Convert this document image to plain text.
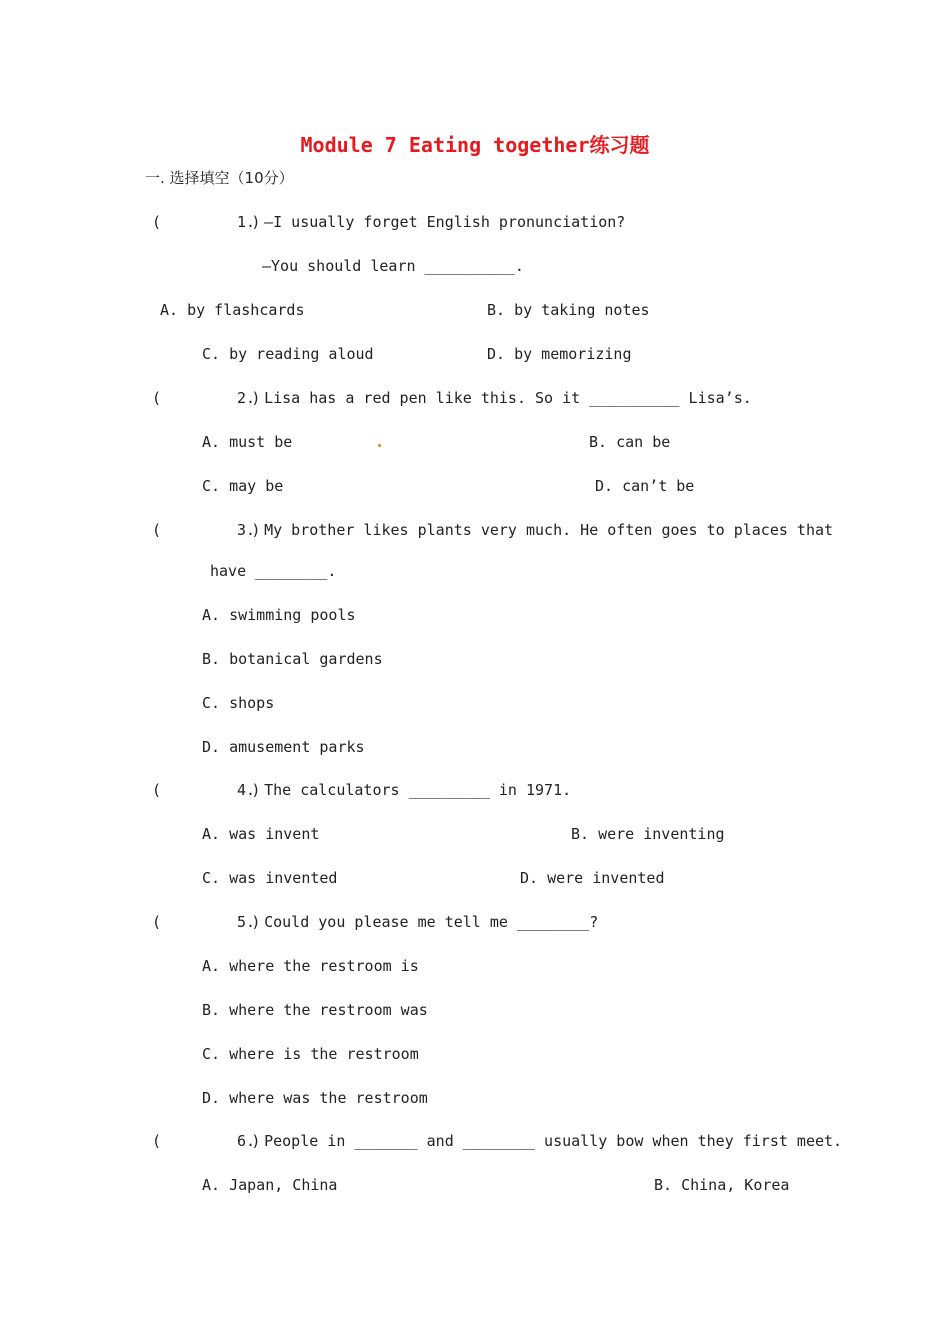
Module 7 Eating together练习题
一. 选择填空（10分）
(          )
1. —I usually forget English pronunciation?
—You should learn __________.
A. by flashcards	B. by taking notes
C. by reading aloud	D. by memorizing
(          )
2. Lisa has a red pen like this. So it __________ Lisa’s.
A. must be	B. can be
C. may be	D. can’t be
(          )
3. My brother likes plants very much. He often goes to places that
have ________.
A. swimming pools
B. botanical gardens
C. shops
D. amusement parks
(          )
4. The calculators _________ in 1971.
A. was invent	B. were inventing
C. was invented	D. were invented
(          )
5. Could you please me tell me ________?
A. where the restroom is
B. where the restroom was
C. where is the restroom
D. where was the restroom
(          )
6. People in _______ and ________ usually bow when they first meet.
A. Japan, China	B. China, Korea
